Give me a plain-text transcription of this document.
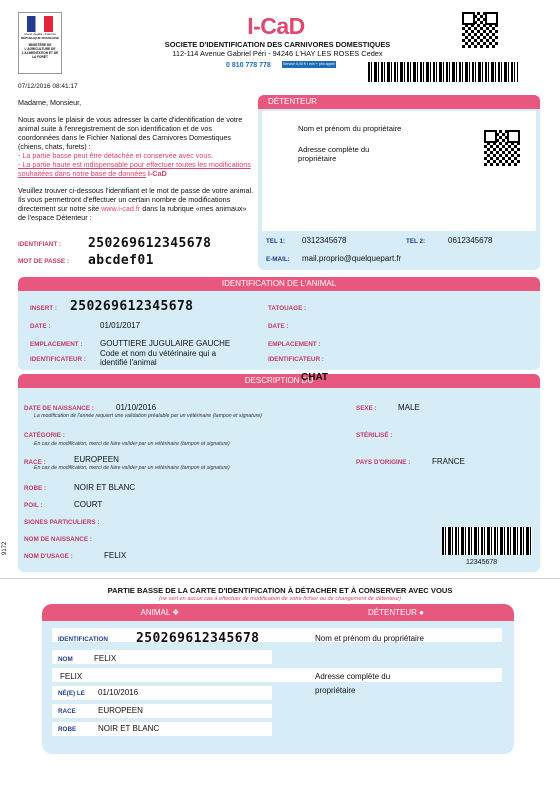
Liberté • Égalité • Fraternité
RÉPUBLIQUE FRANÇAISE
MINISTÈRE DE L'AGRICULTURE DE L'ALIMENTATION ET DE LA FORÊT
I-CaD
SOCIETE D'IDENTIFICATION DES CARNIVORES DOMESTIQUES
112-114 Avenue Gabriel Péri - 94246 L'HAY LES ROSES Cedex
0 810 778 778	Service 0,06 € / min + prix appel
07/12/2016 08:41:17
Madame, Monsieur,
Nous avons le plaisir de vous adresser la carte d'identification de votre animal suite à l'enregistrement de son identification et de vos coordonnées dans le Fichier National des Carnivores Domestiques (chiens, chats, furets) :
- La partie basse peut être détachée et conservée avec vous.
- La partie haute est indispensable pour effectuer toutes les modifications souhaitées dans notre base de données I-CaD
Veuillez trouver ci-dessous l'identifiant et le mot de passe de votre animal. Ils vous permettront d'effectuer un certain nombre de modifications directement sur notre site www.i-cad.fr dans la rubrique «mes animaux» de l'espace Détenteur :
IDENTIFIANT : 250269612345678
MOT DE PASSE : abcdef01
DÉTENTEUR
Nom et prénom du propriétaire
Adresse complète du propriétaire
TEL 1: 0312345678	TEL 2:	0612345678
E-MAIL: mail.proprio@quelquepart.fr
IDENTIFICATION DE L'ANIMAL
INSERT : 250269612345678
DATE :	01/01/2017
EMPLACEMENT : GOUTTIERE JUGULAIRE GAUCHE
IDENTIFICATEUR :
Code et nom du vétérinaire qui a identifié l'animal
TATOUAGE :
DATE :
EMPLACEMENT :
IDENTIFICATEUR :
DESCRIPTION DU
CHAT
DATE DE NAISSANCE :	01/10/2016
La modification de l'année requiert une validation préalable par un vétérinaire (tampon et signature)
SEXE :	MALE
CATÉGORIE :
En cas de modification, merci de faire valider par un vétérinaire (tampon et signature)
STÉRILISÉ :
RACE :	EUROPEEN
En cas de modification, merci de faire valider par un vétérinaire (tampon et signature)
PAYS D'ORIGINE :	FRANCE
ROBE :	NOIR ET BLANC
POIL :	COURT
SIGNES PARTICULIERS :
NOM DE NAISSANCE :
NOM D'USAGE :	FELIX
12345678
9172
PARTIE BASSE DE LA CARTE D'IDENTIFICATION À DÉTACHER ET À CONSERVER AVEC VOUS
(ne sert en aucun cas à effectuer de modification de votre fichier ou de changement de détenteur)
ANIMAL ❖	DÉTENTEUR ●
IDENTIFICATION 250269612345678	Nom et prénom du propriétaire
NOM	FELIX
FELIX	Adresse complète du propriétaire
NÉ(E) LE 01/10/2016
RACE	EUROPEEN
ROBE	NOIR ET BLANC
